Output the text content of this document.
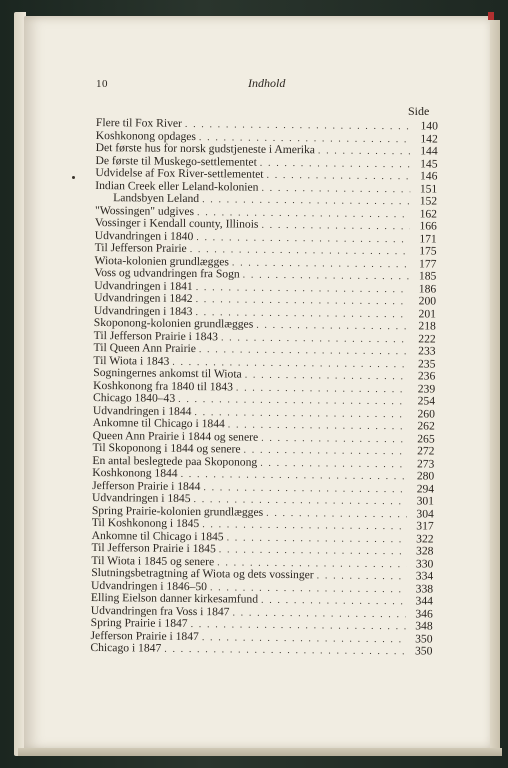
10	Indhold
Side
Flere til Fox River . . .	140
Koshkonong opdages . . .	142
Det første hus for norsk gudstjeneste i Amerika . . .	144
De første til Muskego-settlementet . . .	145
Udvidelse af Fox River-settlementet . . .	146
Indian Creek eller Leland-kolonien . . .	151
Landsbyen Leland . . .	152
"Wossingen" udgives . . .	162
Vossinger i Kendall county, Illinois . . .	166
Udvandringen i 1840 . . .	171
Til Jefferson Prairie . . .	175
Wiota-kolonien grundlægges . . .	177
Voss og udvandringen fra Sogn . . .	185
Udvandringen i 1841 . . .	186
Udvandringen i 1842 . . .	200
Udvandringen i 1843 . . .	201
Skoponong-kolonien grundlægges . . .	218
Til Jefferson Prairie i 1843 . . .	222
Til Queen Ann Prairie . . .	233
Til Wiota i 1843 . . .	235
Sogningernes ankomst til Wiota . . .	236
Koshkonong fra 1840 til 1843 . . .	239
Chicago 1840–43 . . .	254
Udvandringen i 1844 . . .	260
Ankomne til Chicago i 1844 . . .	262
Queen Ann Prairie i 1844 og senere . . .	265
Til Skoponong i 1844 og senere . . .	272
En antal beslegtede paa Skoponong . . .	273
Koshkonong 1844 . . .	280
Jefferson Prairie i 1844 . . .	294
Udvandringen i 1845 . . .	301
Spring Prairie-kolonien grundlægges . . .	304
Til Koshkonong i 1845 . . .	317
Ankomne til Chicago i 1845 . . .	322
Til Jefferson Prairie i 1845 . . .	328
Til Wiota i 1845 og senere . . .	330
Slutningsbetragtning af Wiota og dets vossinger . . .	334
Udvandringen i 1846–50 . . .	338
Elling Eielson danner kirkesamfund . . .	344
Udvandringen fra Voss i 1847 . . .	346
Spring Prairie i 1847 . . .	348
Jefferson Prairie i 1847 . . .	350
Chicago i 1847 . . .	350
